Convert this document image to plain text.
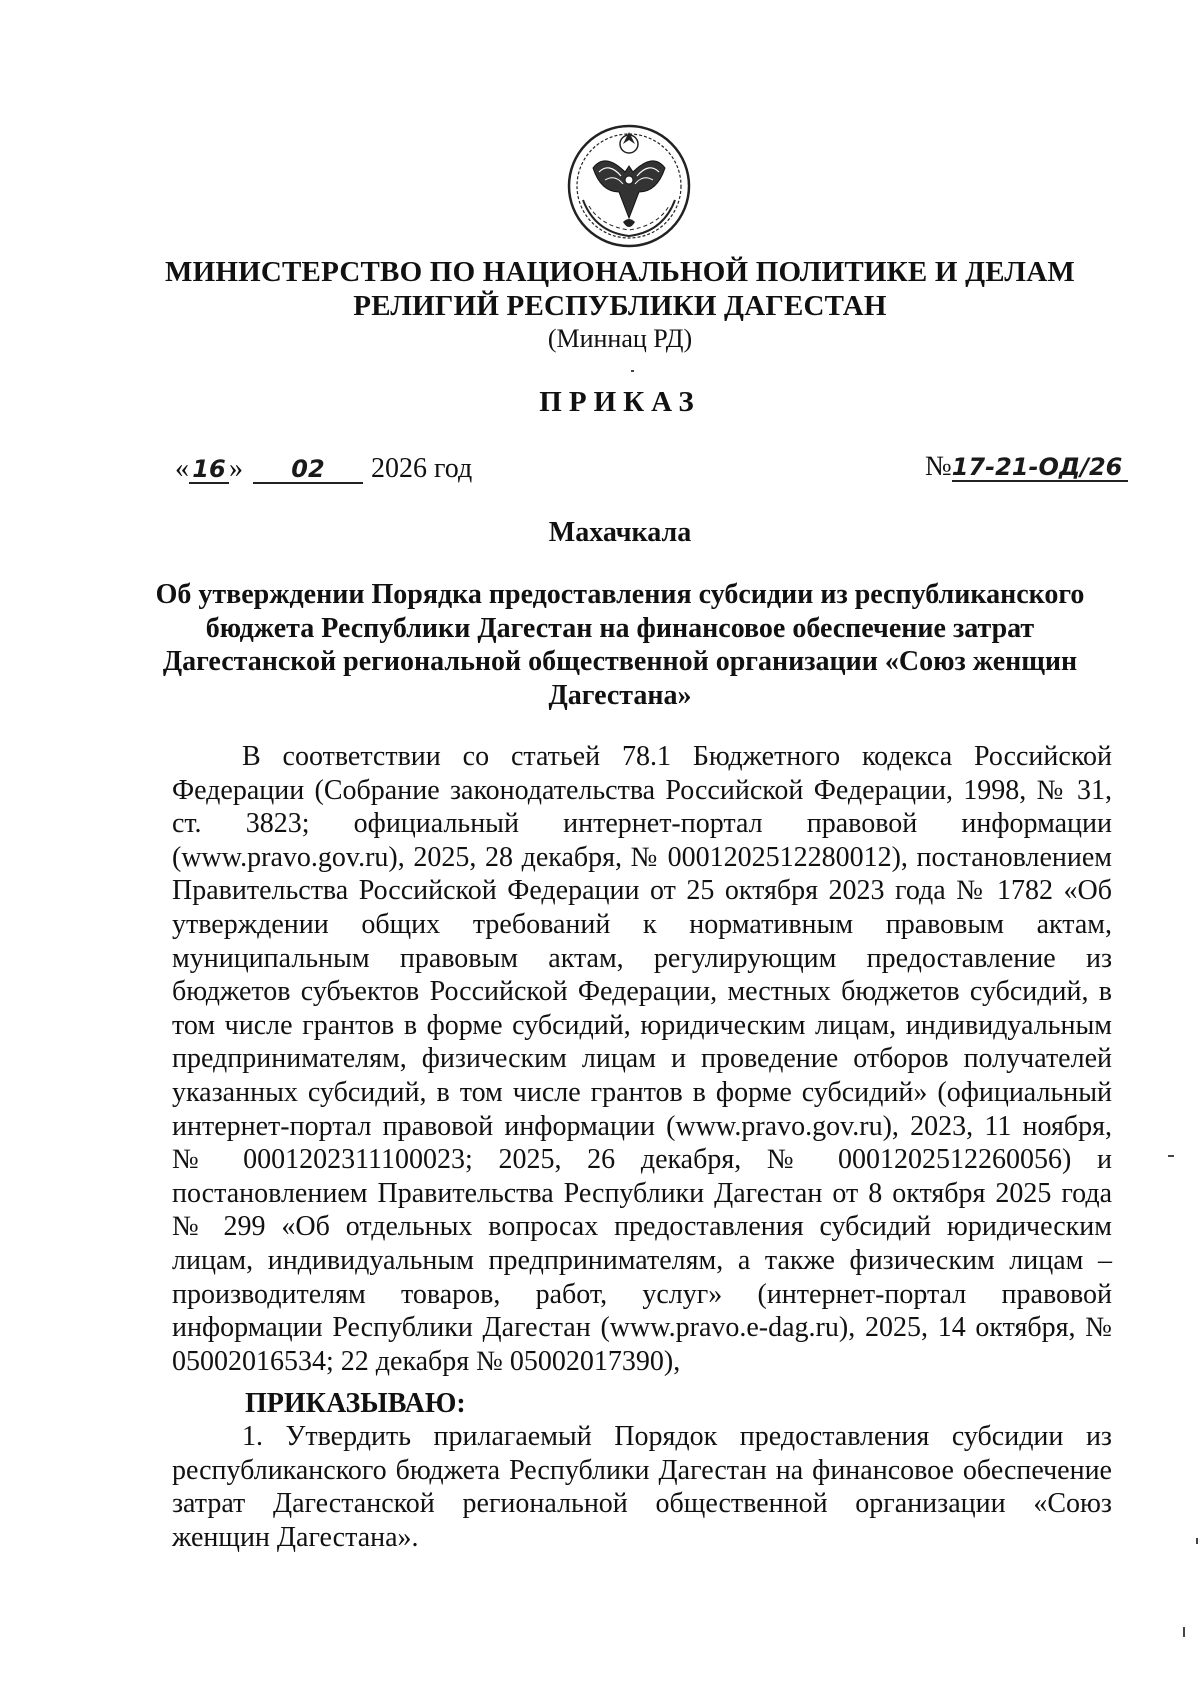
МИНИСТЕРСТВО ПО НАЦИОНАЛЬНОЙ ПОЛИТИКЕ И ДЕЛАМ РЕЛИГИЙ РЕСПУБЛИКИ ДАГЕСТАН
(Миннац РД)
ПРИКАЗ
« 16 » 02 2026 год	№17-21-ОД/26
Махачкала
Об утверждении Порядка предоставления субсидии из республиканского бюджета Республики Дагестан на финансовое обеспечение затрат Дагестанской региональной общественной организации «Союз женщин Дагестана»
В соответствии со статьей 78.1 Бюджетного кодекса Российской Федерации (Собрание законодательства Российской Федерации, 1998, № 31, ст. 3823; официальный интернет-портал правовой информации (www.pravo.gov.ru), 2025, 28 декабря, № 0001202512280012), постановлением Правительства Российской Федерации от 25 октября 2023 года № 1782 «Об утверждении общих требований к нормативным правовым актам, муниципальным правовым актам, регулирующим предоставление из бюджетов субъектов Российской Федерации, местных бюджетов субсидий, в том числе грантов в форме субсидий, юридическим лицам, индивидуальным предпринимателям, физическим лицам и проведение отборов получателей указанных субсидий, в том числе грантов в форме субсидий» (официальный интернет-портал правовой информации (www.pravo.gov.ru), 2023, 11 ноября, № 0001202311100023; 2025, 26 декабря, № 0001202512260056) и постановлением Правительства Республики Дагестан от 8 октября 2025 года № 299 «Об отдельных вопросах предоставления субсидий юридическим лицам, индивидуальным предпринимателям, а также физическим лицам – производителям товаров, работ, услуг» (интернет-портал правовой информации Республики Дагестан (www.pravo.e-dag.ru), 2025, 14 октября, № 05002016534; 22 декабря № 05002017390),
ПРИКАЗЫВАЮ:
1. Утвердить прилагаемый Порядок предоставления субсидии из республиканского бюджета Республики Дагестан на финансовое обеспечение затрат Дагестанской региональной общественной организации «Союз женщин Дагестана».
